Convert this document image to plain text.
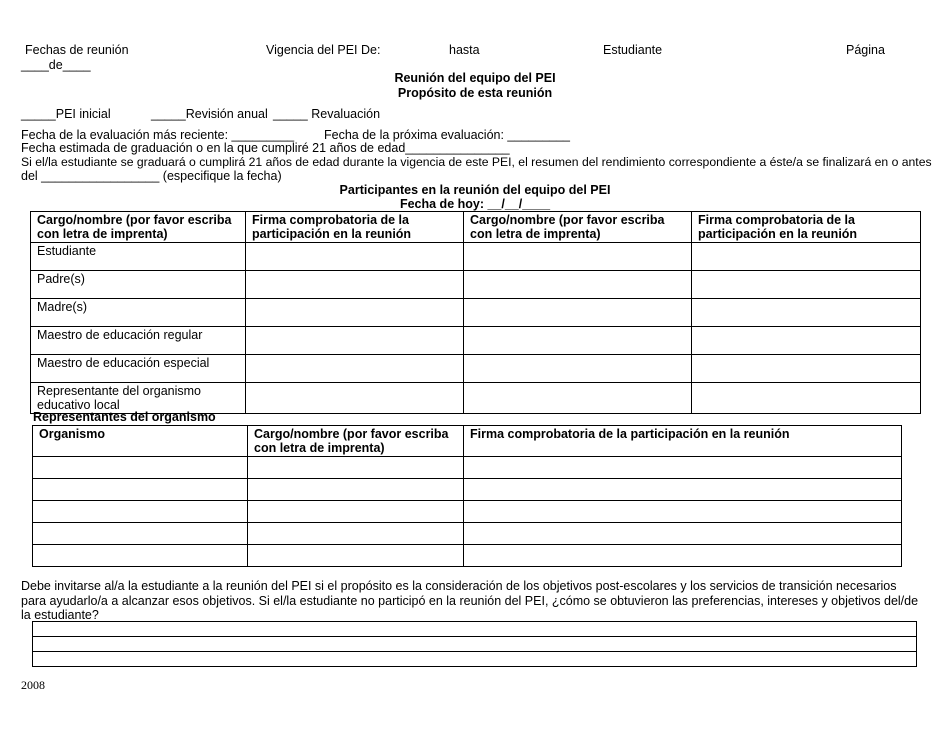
Fechas de reunión	Vigencia del PEI De:	hasta	Estudiante	Página
____de____
Reunión del equipo del PEI
Propósito de esta reunión
_____PEI inicial	_____Revisión anual _____ Revaluación
Fecha de la evaluación más reciente: _________ Fecha de la próxima evaluación: _________
Fecha estimada de graduación o en la que cumpliré 21 años de edad_______________
Si el/la estudiante se graduará o cumplirá 21 años de edad durante la vigencia de este PEI, el resumen del rendimiento correspondiente a éste/a se finalizará en o antes
del _________________ (especifique la fecha)
Participantes en la reunión del equipo del PEI
Fecha de hoy: __/__/____
Cargo/nombre (por favor escriba con letra de imprenta)	Firma comprobatoria de la participación en la reunión	Cargo/nombre (por favor escriba con letra de imprenta)	Firma comprobatoria de la participación en la reunión
Estudiante			
Padre(s)			
Madre(s)			
Maestro de educación regular			
Maestro de educación especial			
Representante del organismo educativo local			
Representantes del organismo
Organismo	Cargo/nombre (por favor escriba con letra de imprenta)	Firma comprobatoria de la participación en la reunión

Debe invitarse al/a la estudiante a la reunión del PEI si el propósito es la consideración de los objetivos post-escolares y los servicios de transición necesarios para ayudarlo/a a alcanzar esos objetivos. Si el/la estudiante no participó en la reunión del PEI, ¿cómo se obtuvieron las preferencias, intereses y objetivos del/de la estudiante?

2008
